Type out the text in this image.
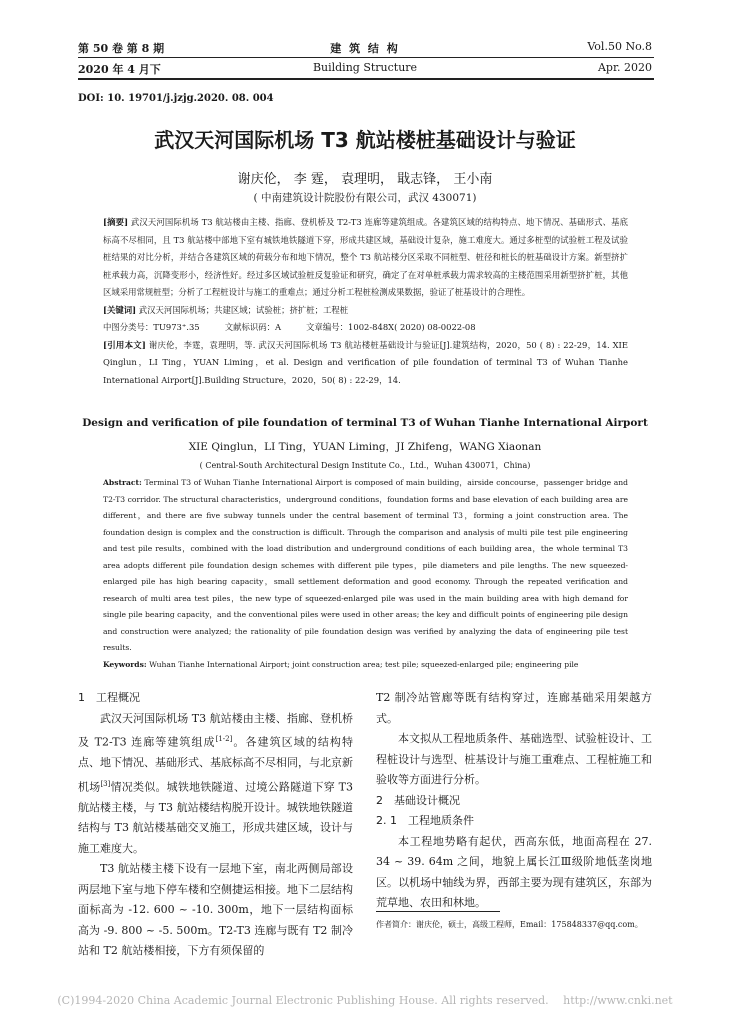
第 50 卷 第 8 期
2020 年 4 月下
建 筑 结 构
Building Structure
Vol.50 No.8
Apr. 2020
DOI: 10. 19701/j.jzjg.2020. 08. 004
武汉天河国际机场 T3 航站楼桩基础设计与验证
谢庆伦， 李 霆， 袁理明， 戢志锋， 王小南
( 中南建筑设计院股份有限公司，武汉 430071)
[摘要] 武汉天河国际机场 T3 航站楼由主楼、指廊、登机桥及 T2-T3 连廊等建筑组成。各建筑区域的结构特点、地下情况、基础形式、基底标高不尽相同，且 T3 航站楼中部地下室有城铁地铁隧道下穿，形成共建区域，基础设计复杂，施工难度大。通过多桩型的试验桩工程及试验桩结果的对比分析，并结合各建筑区域的荷载分布和地下情况，整个 T3 航站楼分区采取不同桩型、桩径和桩长的桩基础设计方案。新型挤扩桩承载力高，沉降变形小，经济性好。经过多区域试验桩反复验证和研究，确定了在对单桩承载力需求较高的主楼范围采用新型挤扩桩，其他区域采用常规桩型；分析了工程桩设计与施工的重难点；通过分析工程桩检测成果数据，验证了桩基设计的合理性。
[关键词] 武汉天河国际机场；共建区域；试验桩；挤扩桩；工程桩
中图分类号：TU973⁺.35　　　文献标识码：A　　　文章编号：1002-848X( 2020) 08-0022-08
[引用本文] 谢庆伦，李霆，袁理明，等. 武汉天河国际机场 T3 航站楼桩基础设计与验证[J].建筑结构，2020，50 ( 8) : 22-29，14. XIE Qinglun，LI Ting，YUAN Liming，et al. Design and verification of pile foundation of terminal T3 of Wuhan Tianhe International Airport[J].Building Structure，2020，50( 8) : 22-29，14.
Design and verification of pile foundation of terminal T3 of Wuhan Tianhe International Airport
XIE Qinglun，LI Ting，YUAN Liming，JI Zhifeng，WANG Xiaonan
( Central-South Architectural Design Institute Co.，Ltd.，Wuhan 430071，China)
Abstract: Terminal T3 of Wuhan Tianhe International Airport is composed of main building，airside concourse，passenger bridge and T2-T3 corridor. The structural characteristics，underground conditions，foundation forms and base elevation of each building area are different，and there are five subway tunnels under the central basement of terminal T3，forming a joint construction area. The foundation design is complex and the construction is difficult. Through the comparison and analysis of multi pile test pile engineering and test pile results，combined with the load distribution and underground conditions of each building area，the whole terminal T3 area adopts different pile foundation design schemes with different pile types，pile diameters and pile lengths. The new squeezed-enlarged pile has high bearing capacity，small settlement deformation and good economy. Through the repeated verification and research of multi area test piles，the new type of squeezed-enlarged pile was used in the main building area with high demand for single pile bearing capacity，and the conventional piles were used in other areas; the key and difficult points of engineering pile design and construction were analyzed; the rationality of pile foundation design was verified by analyzing the data of engineering pile test results.
Keywords: Wuhan Tianhe International Airport; joint construction area; test pile; squeezed-enlarged pile; engineering pile

1　工程概况

武汉天河国际机场 T3 航站楼由主楼、指廊、登机桥及 T2-T3 连廊等建筑组成[1-2]。各建筑区域的结构特点、地下情况、基础形式、基底标高不尽相同，与北京新机场[3]情况类似。城铁地铁隧道、过境公路隧道下穿 T3 航站楼主楼，与 T3 航站楼结构脱开设计。城铁地铁隧道结构与 T3 航站楼基础交叉施工，形成共建区域，设计与施工难度大。

T3 航站楼主楼下设有一层地下室，南北两侧局部设两层地下室与地下停车楼和空侧捷运相接。地下二层结构面标高为 -12. 600 ~ -10. 300m，地下一层结构面标高为 -9. 800 ~ -5. 500m。T2-T3 连廊与既有 T2 制冷站和 T2 航站楼相接，下方有须保留的

T2 制冷站管廊等既有结构穿过，连廊基础采用架越方式。

本文拟从工程地质条件、基础选型、试验桩设计、工程桩设计与选型、桩基设计与施工重难点、工程桩施工和验收等方面进行分析。

2　基础设计概况

2. 1　工程地质条件

本工程地势略有起伏，西高东低，地面高程在 27. 34 ~ 39. 64m 之间，地貌上属长江Ⅲ级阶地低垄岗地区。以机场中轴线为界，西部主要为现有建筑区，东部为荒草地、农田和林地。

作者简介：谢庆伦，硕士，高级工程师，Email：175848337@qq.com。
(C)1994-2020 China Academic Journal Electronic Publishing House. All rights reserved.　 http://www.cnki.net
